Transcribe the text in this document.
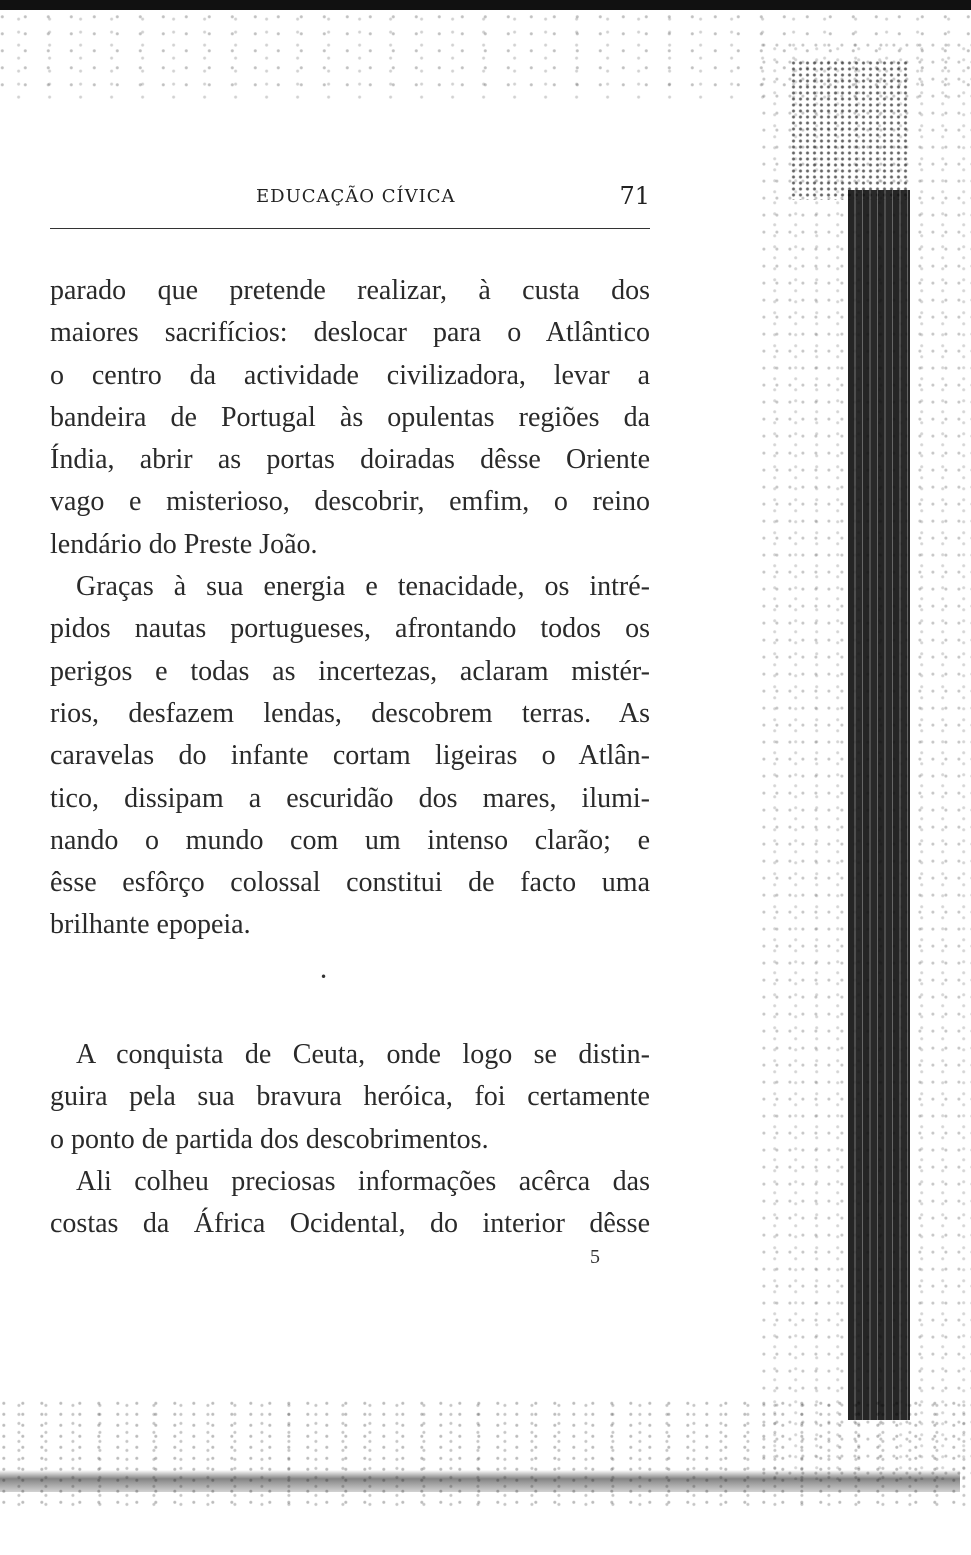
EDUCAÇÃO CÍVICA	71
parado que pretende realizar, à custa dos
maiores sacrifícios: deslocar para o Atlântico
o centro da actividade civilizadora, levar a
bandeira de Portugal às opulentas regiões da
Índia, abrir as portas doiradas dêsse Oriente
vago e misterioso, descobrir, emfim, o reino
lendário do Preste João.
Graças à sua energia e tenacidade, os intré-
pidos nautas portugueses, afrontando todos os
perigos e todas as incertezas, aclaram mistér-
rios, desfazem lendas, descobrem terras. As
caravelas do infante cortam ligeiras o Atlân-
tico, dissipam a escuridão dos mares, ilumi-
nando o mundo com um intenso clarão; e
êsse esfôrço colossal constitui de facto uma
brilhante epopeia.
•
A conquista de Ceuta, onde logo se distin-
guira pela sua bravura heróica, foi certamente
o ponto de partida dos descobrimentos.
Ali colheu preciosas informações acêrca das
costas da África Ocidental, do interior dêsse
5
